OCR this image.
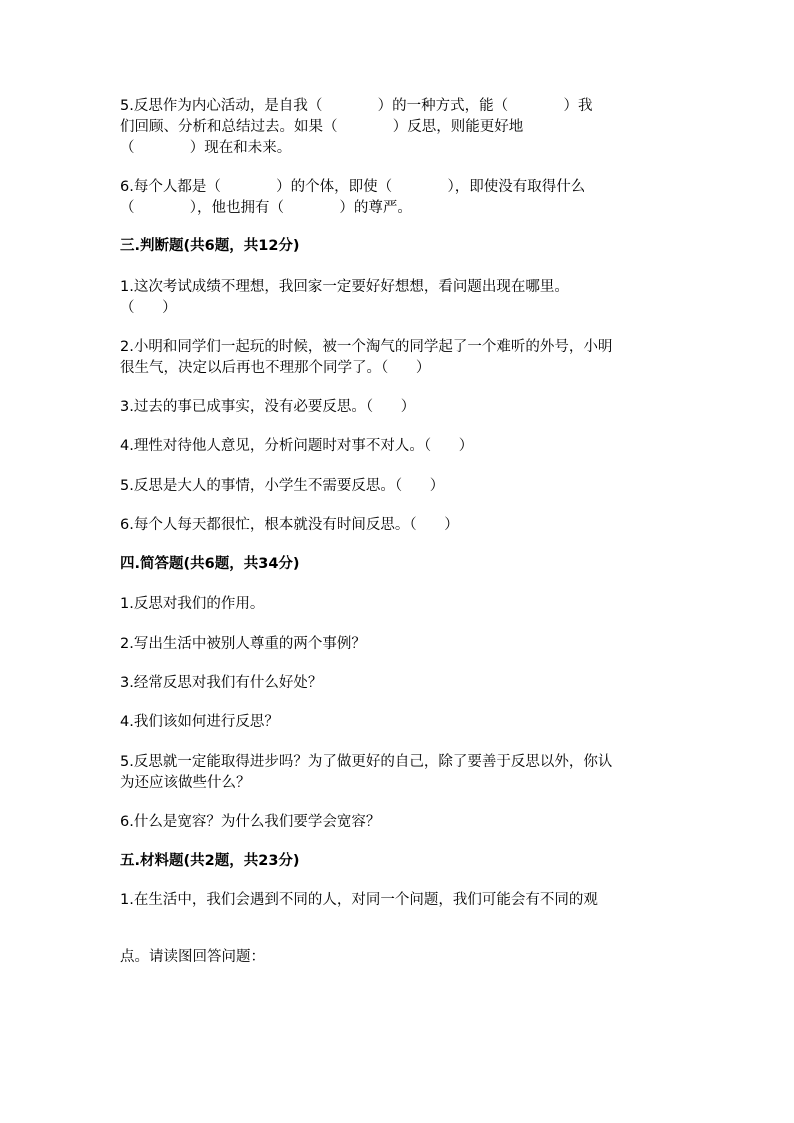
5.反思作为内心活动，是自我（            ）的一种方式，能（            ）我
们回顾、分析和总结过去。如果（            ）反思，则能更好地
（            ）现在和未来。
6.每个人都是（            ）的个体，即使（            ），即使没有取得什么
（            ），他也拥有（            ）的尊严。
三.判断题(共6题，共12分)
1.这次考试成绩不理想，我回家一定要好好想想，看问题出现在哪里。
（      ）
2.小明和同学们一起玩的时候，被一个淘气的同学起了一个难听的外号，小明
很生气，决定以后再也不理那个同学了。（      ）
3.过去的事已成事实，没有必要反思。（      ）
4.理性对待他人意见，分析问题时对事不对人。（      ）
5.反思是大人的事情，小学生不需要反思。（      ）
6.每个人每天都很忙，根本就没有时间反思。（      ）
四.简答题(共6题，共34分)
1.反思对我们的作用。
2.写出生活中被别人尊重的两个事例？
3.经常反思对我们有什么好处？
4.我们该如何进行反思？
5.反思就一定能取得进步吗？为了做更好的自己，除了要善于反思以外，你认
为还应该做些什么？
6.什么是宽容？为什么我们要学会宽容？
五.材料题(共2题，共23分)
1.在生活中，我们会遇到不同的人，对同一个问题，我们可能会有不同的观
点。请读图回答问题：
